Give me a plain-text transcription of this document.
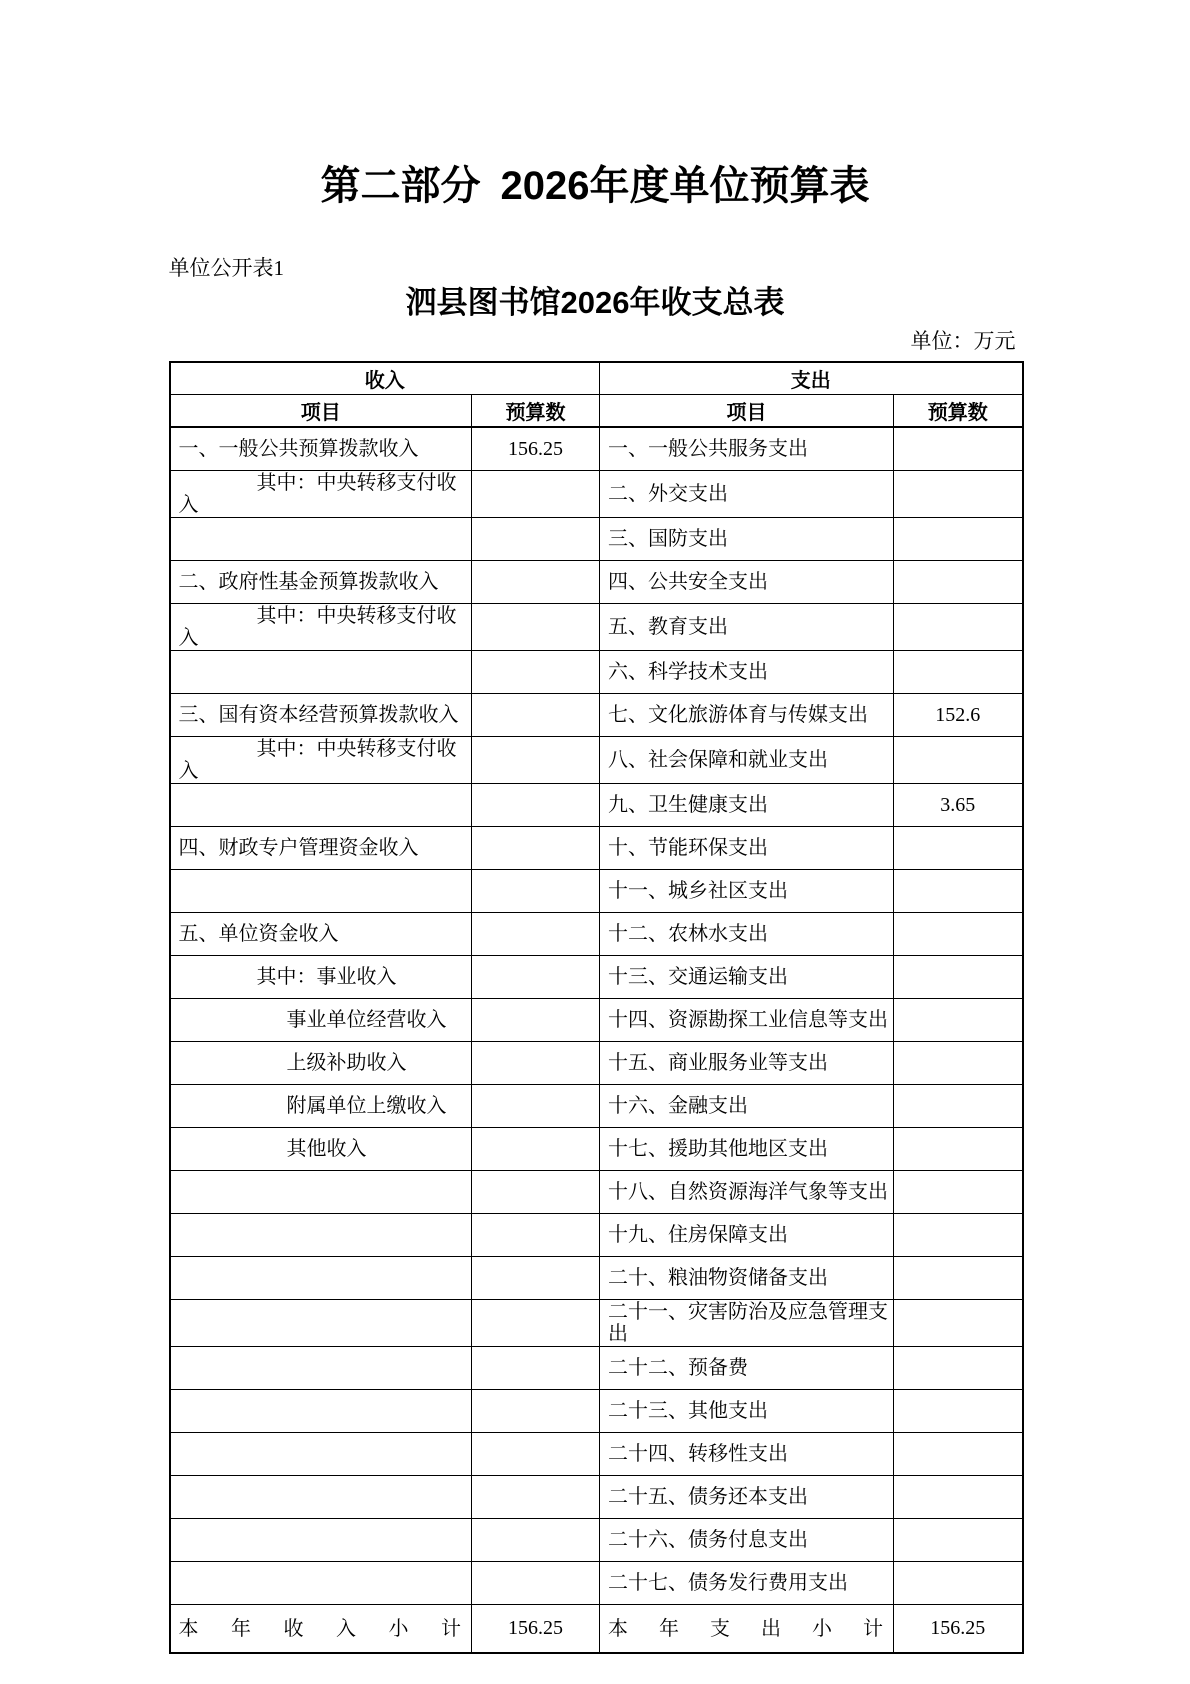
第二部分 2026年度单位预算表
单位公开表1
泗县图书馆2026年收支总表
单位：万元
收入		支出	
项目	预算数	项目	预算数
一、一般公共预算拨款收入	156.25	一、一般公共服务支出	
其中：中央转移支付收入		二、外交支出	
		三、国防支出	
二、政府性基金预算拨款收入		四、公共安全支出	
其中：中央转移支付收入		五、教育支出	
		六、科学技术支出	
三、国有资本经营预算拨款收入		七、文化旅游体育与传媒支出	152.6
其中：中央转移支付收入		八、社会保障和就业支出	
		九、卫生健康支出	3.65
四、财政专户管理资金收入		十、节能环保支出	
		十一、城乡社区支出	
五、单位资金收入		十二、农林水支出	
其中：事业收入		十三、交通运输支出	
事业单位经营收入		十四、资源勘探工业信息等支出	
上级补助收入		十五、商业服务业等支出	
附属单位上缴收入		十六、金融支出	
其他收入		十七、援助其他地区支出	
		十八、自然资源海洋气象等支出	
		十九、住房保障支出	
		二十、粮油物资储备支出	
		二十一、灾害防治及应急管理支出	
		二十二、预备费	
		二十三、其他支出	
		二十四、转移性支出	
		二十五、债务还本支出	
		二十六、债务付息支出	
		二十七、债务发行费用支出	
本年收入小计	156.25	本年支出小计	156.25
